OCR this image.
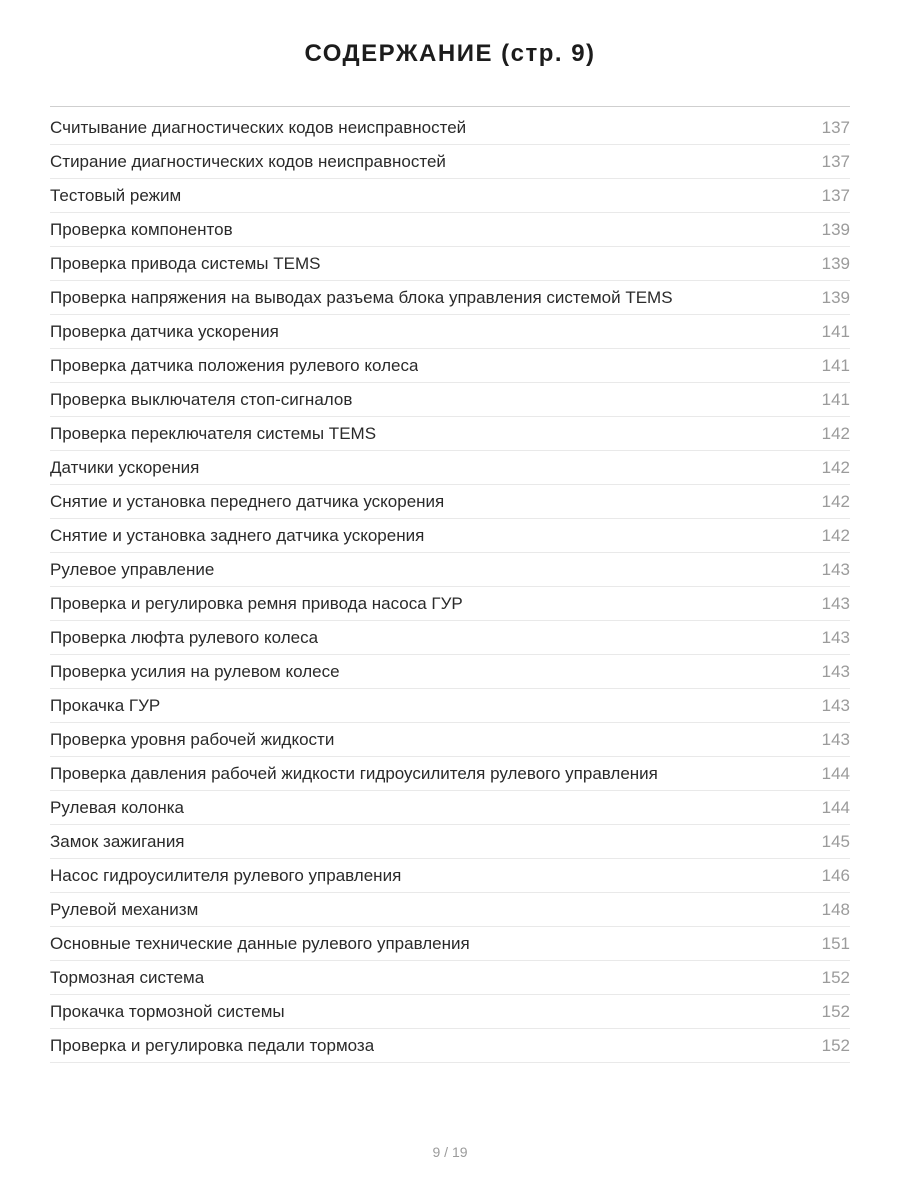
СОДЕРЖАНИЕ (стр. 9)
Считывание диагностических кодов неисправностей	137
Стирание диагностических кодов неисправностей	137
Тестовый режим	137
Проверка компонентов	139
Проверка привода системы TEMS	139
Проверка напряжения на выводах разъема блока управления системой TEMS	139
Проверка датчика ускорения	141
Проверка датчика положения рулевого колеса	141
Проверка выключателя стоп-сигналов	141
Проверка переключателя системы TEMS	142
Датчики ускорения	142
Снятие и установка переднего датчика ускорения	142
Снятие и установка заднего датчика ускорения	142
Рулевое управление	143
Проверка и регулировка ремня привода насоса ГУР	143
Проверка люфта рулевого колеса	143
Проверка усилия на рулевом колесе	143
Прокачка ГУР	143
Проверка уровня рабочей жидкости	143
Проверка давления рабочей жидкости гидроусилителя рулевого управления	144
Рулевая колонка	144
Замок зажигания	145
Насос гидроусилителя рулевого управления	146
Рулевой механизм	148
Основные технические данные рулевого управления	151
Тормозная система	152
Прокачка тормозной системы	152
Проверка и регулировка педали тормоза	152
9 / 19
